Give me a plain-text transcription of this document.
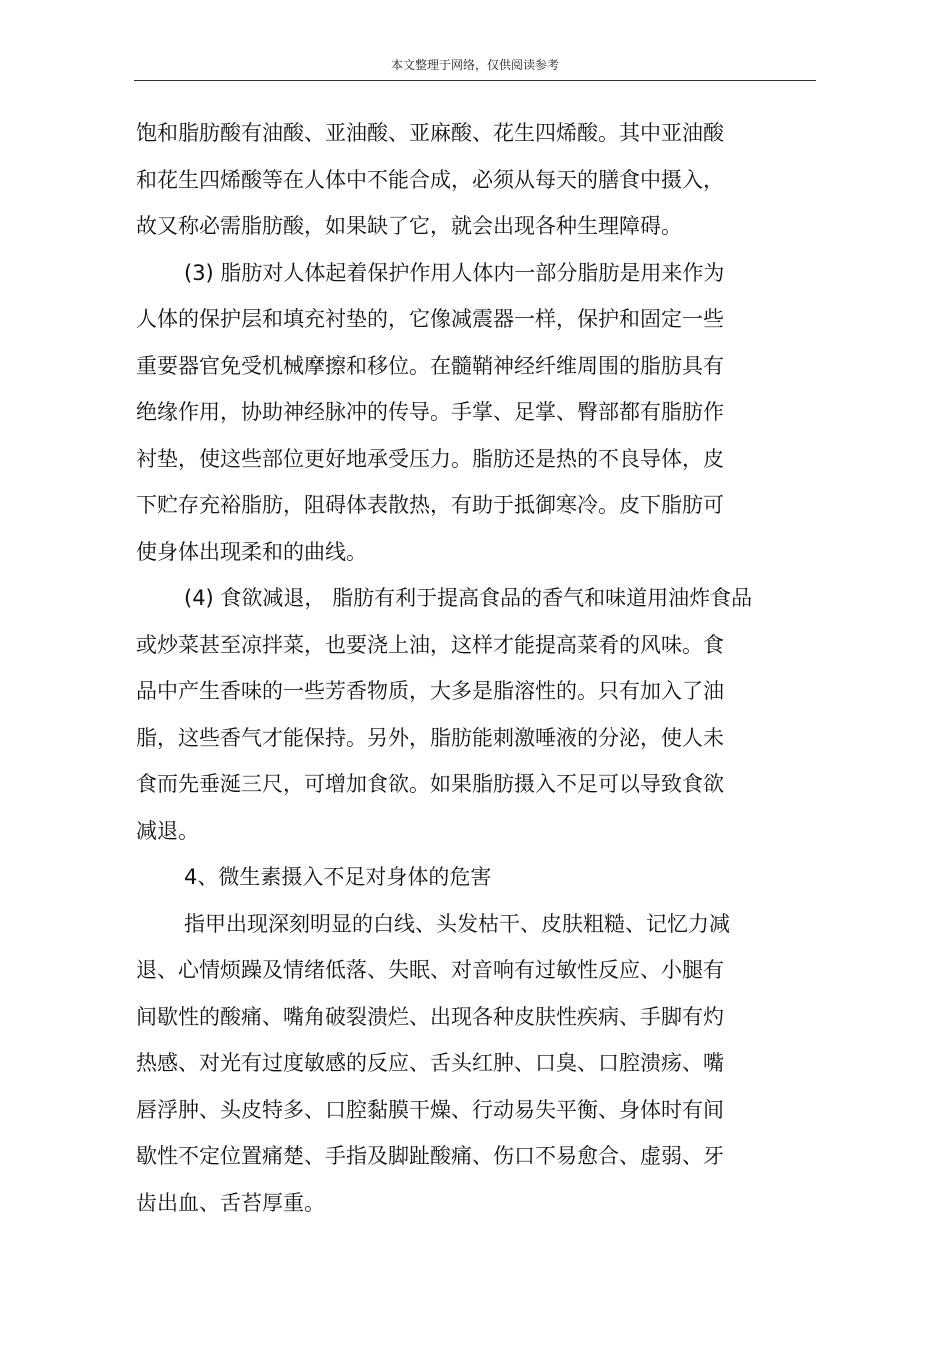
本文整理于网络，仅供阅读参考
饱和脂肪酸有油酸、亚油酸、亚麻酸、花生四烯酸。其中亚油酸
和花生四烯酸等在人体中不能合成，必须从每天的膳食中摄入，
故又称必需脂肪酸，如果缺了它，就会出现各种生理障碍。
(3) 脂肪对人体起着保护作用人体内一部分脂肪是用来作为
人体的保护层和填充衬垫的，它像减震器一样，保护和固定一些
重要器官免受机械摩擦和移位。在髓鞘神经纤维周围的脂肪具有
绝缘作用，协助神经脉冲的传导。手掌、足掌、臀部都有脂肪作
衬垫，使这些部位更好地承受压力。脂肪还是热的不良导体，皮
下贮存充裕脂肪，阻碍体表散热，有助于抵御寒冷。皮下脂肪可
使身体出现柔和的曲线。
(4) 食欲减退， 脂肪有利于提高食品的香气和味道用油炸食品
或炒菜甚至凉拌菜，也要浇上油，这样才能提高菜肴的风味。食
品中产生香味的一些芳香物质，大多是脂溶性的。只有加入了油
脂，这些香气才能保持。另外，脂肪能刺激唾液的分泌，使人未
食而先垂涎三尺，可增加食欲。如果脂肪摄入不足可以导致食欲
减退。
4、微生素摄入不足对身体的危害
指甲出现深刻明显的白线、头发枯干、皮肤粗糙、记忆力减
退、心情烦躁及情绪低落、失眠、对音响有过敏性反应、小腿有
间歇性的酸痛、嘴角破裂溃烂、出现各种皮肤性疾病、手脚有灼
热感、对光有过度敏感的反应、舌头红肿、口臭、口腔溃疡、嘴
唇浮肿、头皮特多、口腔黏膜干燥、行动易失平衡、身体时有间
歇性不定位置痛楚、手指及脚趾酸痛、伤口不易愈合、虚弱、牙
齿出血、舌苔厚重。
